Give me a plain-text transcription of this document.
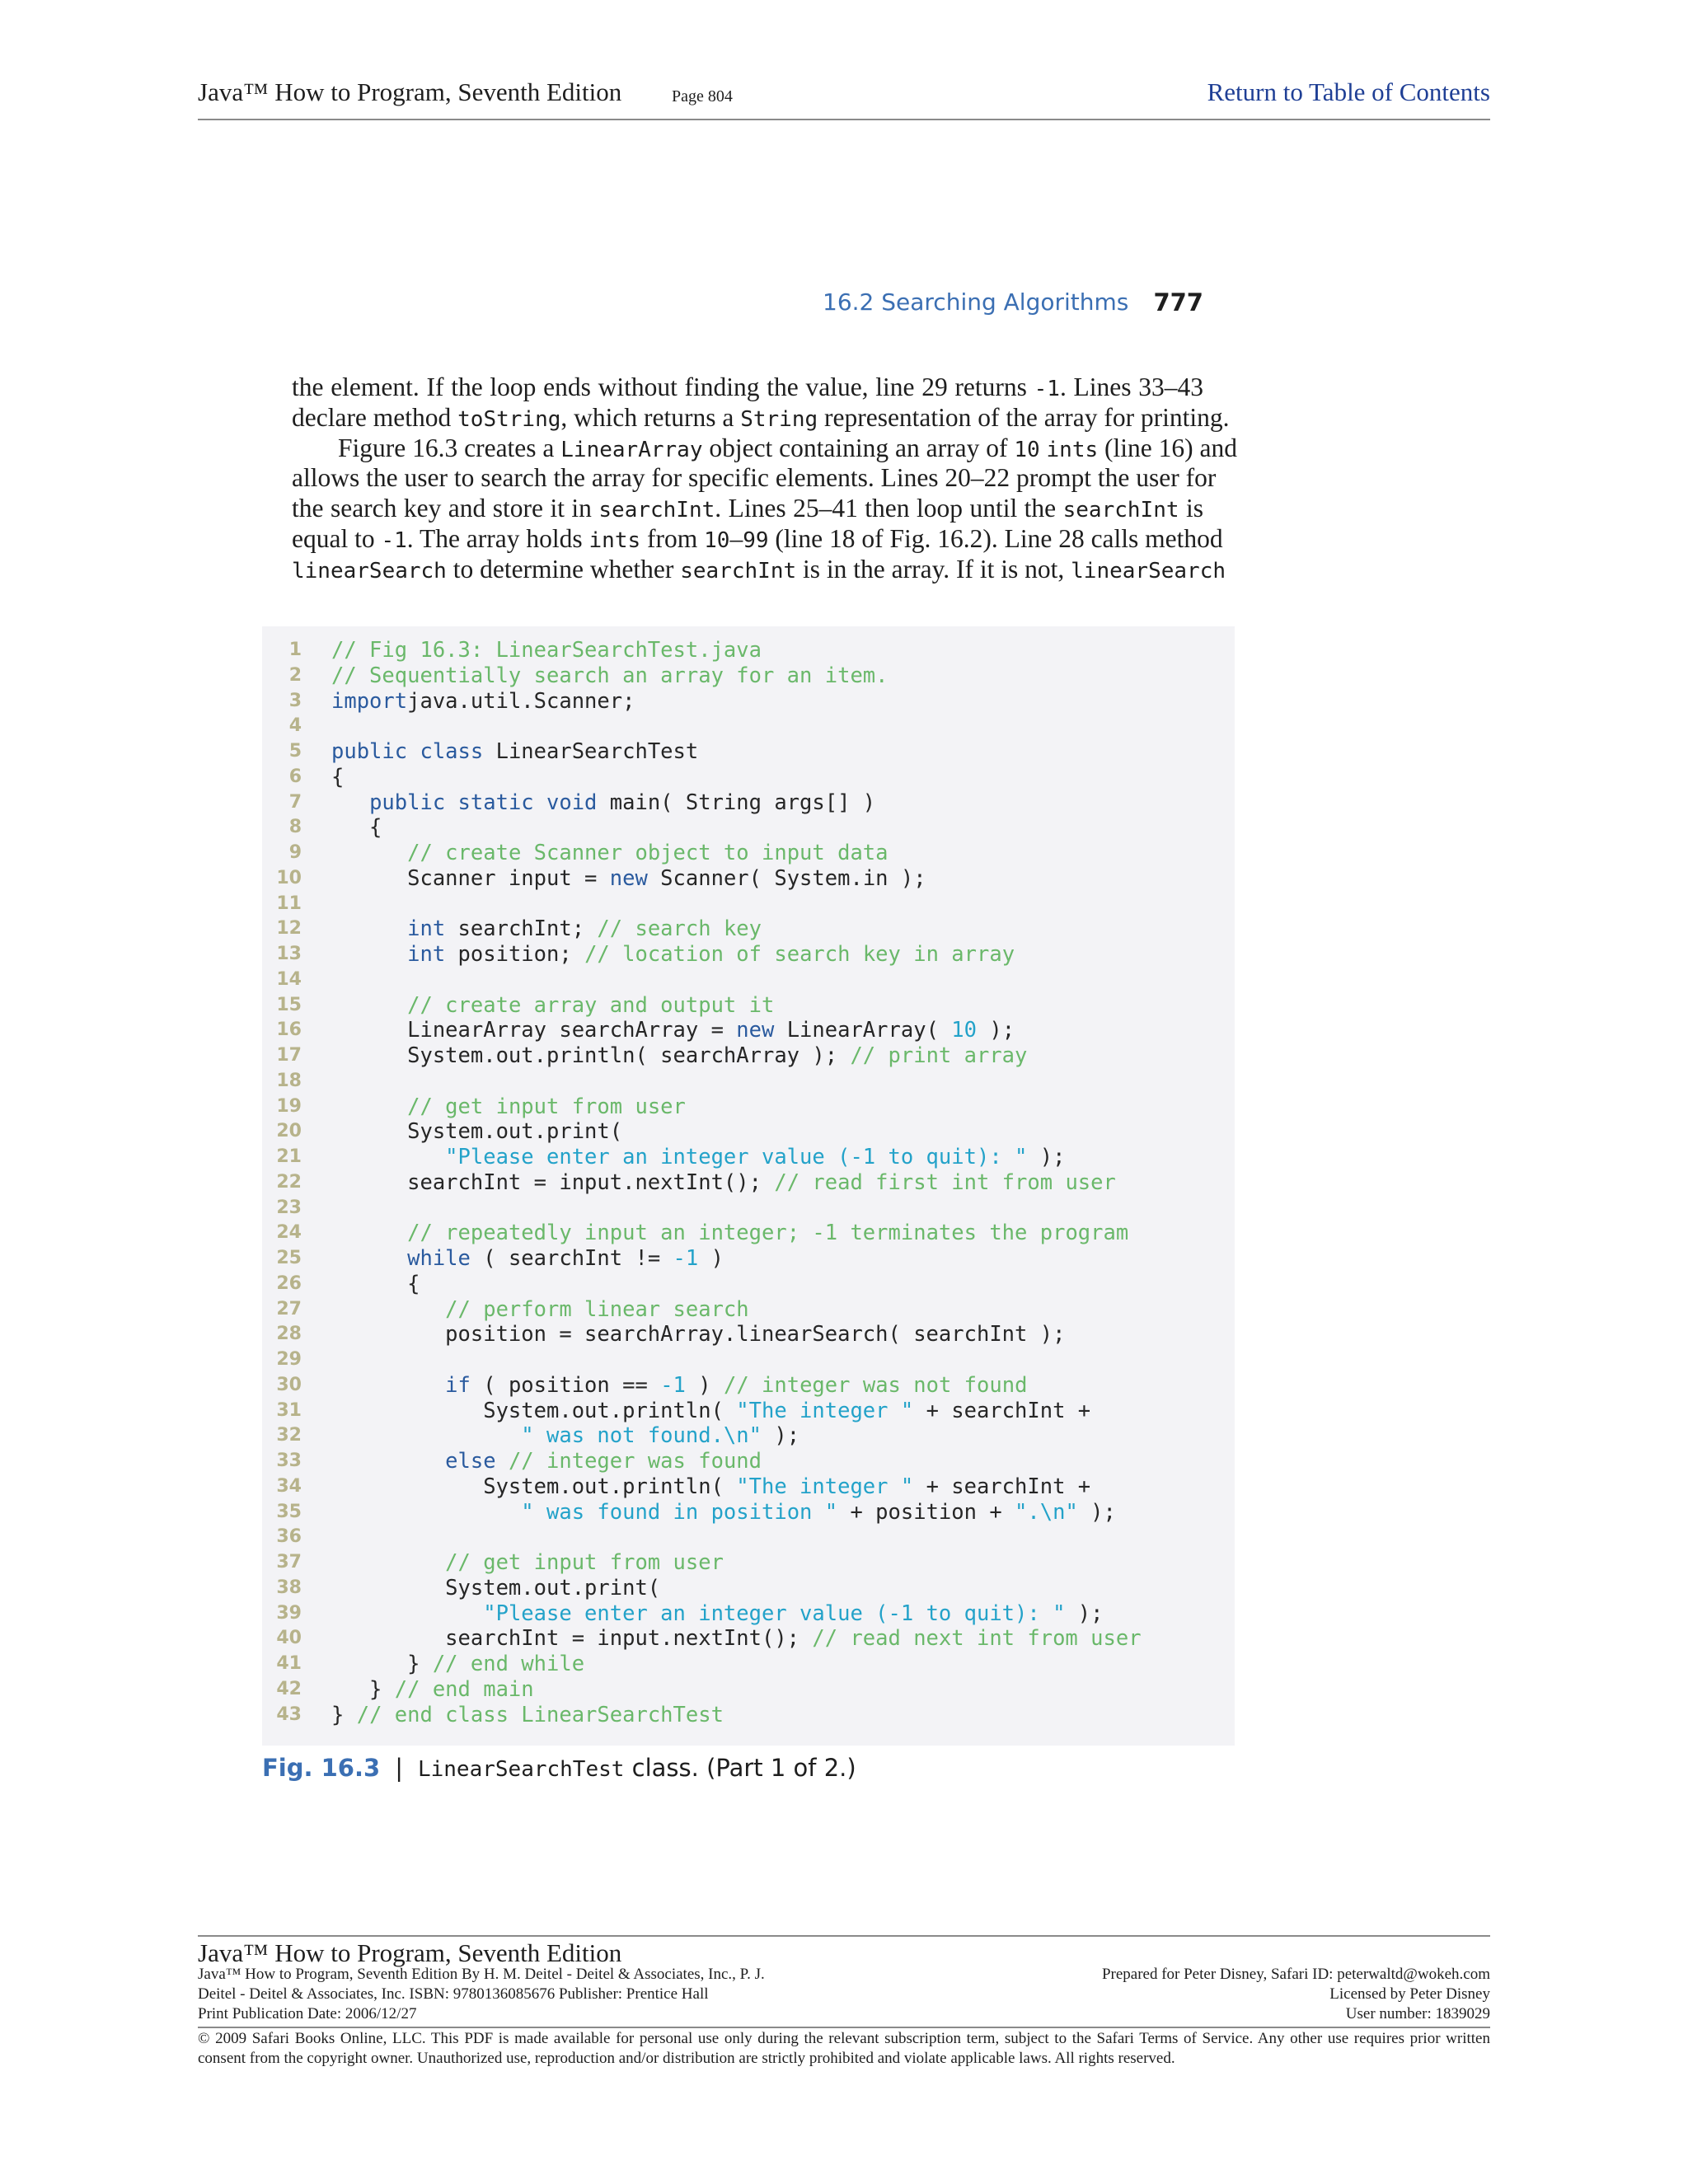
Java™ How to Program, Seventh Edition	Page 804	Return to Table of Contents
16.2 Searching Algorithms 777
the element. If the loop ends without finding the value, line 29 returns -1. Lines 33–43
declare method toString, which returns a String representation of the array for printing.
Figure 16.3 creates a LinearArray object containing an array of 10 ints (line 16) and
allows the user to search the array for specific elements. Lines 20–22 prompt the user for
the search key and store it in searchInt. Lines 25–41 then loop until the searchInt is
equal to -1. The array holds ints from 10–99 (line 18 of Fig. 16.2). Line 28 calls method
linearSearch to determine whether searchInt is in the array. If it is not, linearSearch
1 // Fig 16.3: LinearSearchTest.java
2 // Sequentially search an array for an item.
3 importjava.util.Scanner;
4
5 public class LinearSearchTest
6 {
7	public static void main( String args[] )
8 {
9	// create Scanner object to input data
10 Scanner input = new Scanner( System.in );
11
12	int searchInt; // search key
13	int position; // location of search key in array
14
15	// create array and output it
16 LinearArray searchArray = new LinearArray( 10 );
17 System.out.println( searchArray ); // print array
18
19	// get input from user
20 System.out.print(
21	"Please enter an integer value (-1 to quit): " );
22 searchInt = input.nextInt(); // read first int from user
23
24	// repeatedly input an integer; -1 terminates the program
25	while ( searchInt != -1 )
26 {
27	// perform linear search
28 position = searchArray.linearSearch( searchInt );
29
30	if ( position == -1 ) // integer was not found
31 System.out.println( "The integer " + searchInt +
32	" was not found.\n" );
33	else // integer was found
34 System.out.println( "The integer " + searchInt +
35	" was found in position " + position + ".\n" );
36
37	// get input from user
38 System.out.print(
39	"Please enter an integer value (-1 to quit): " );
40 searchInt = input.nextInt(); // read next int from user
41 } // end while
42 } // end main
43 } // end class LinearSearchTest
Fig. 16.3 | LinearSearchTest class. (Part 1 of 2.)
Java™ How to Program, Seventh Edition
Java™ How to Program, Seventh Edition By H. M. Deitel - Deitel & Associates, Inc., P. J.
Deitel - Deitel & Associates, Inc. ISBN: 9780136085676 Publisher: Prentice Hall
Print Publication Date: 2006/12/27
Prepared for Peter Disney, Safari ID: peterwaltd@wokeh.com
Licensed by Peter Disney
User number: 1839029
© 2009 Safari Books Online, LLC. This PDF is made available for personal use only during the relevant subscription term, subject to the Safari Terms of Service. Any other use requires prior written consent from the copyright owner. Unauthorized use, reproduction and/or distribution are strictly prohibited and violate applicable laws. All rights reserved.
